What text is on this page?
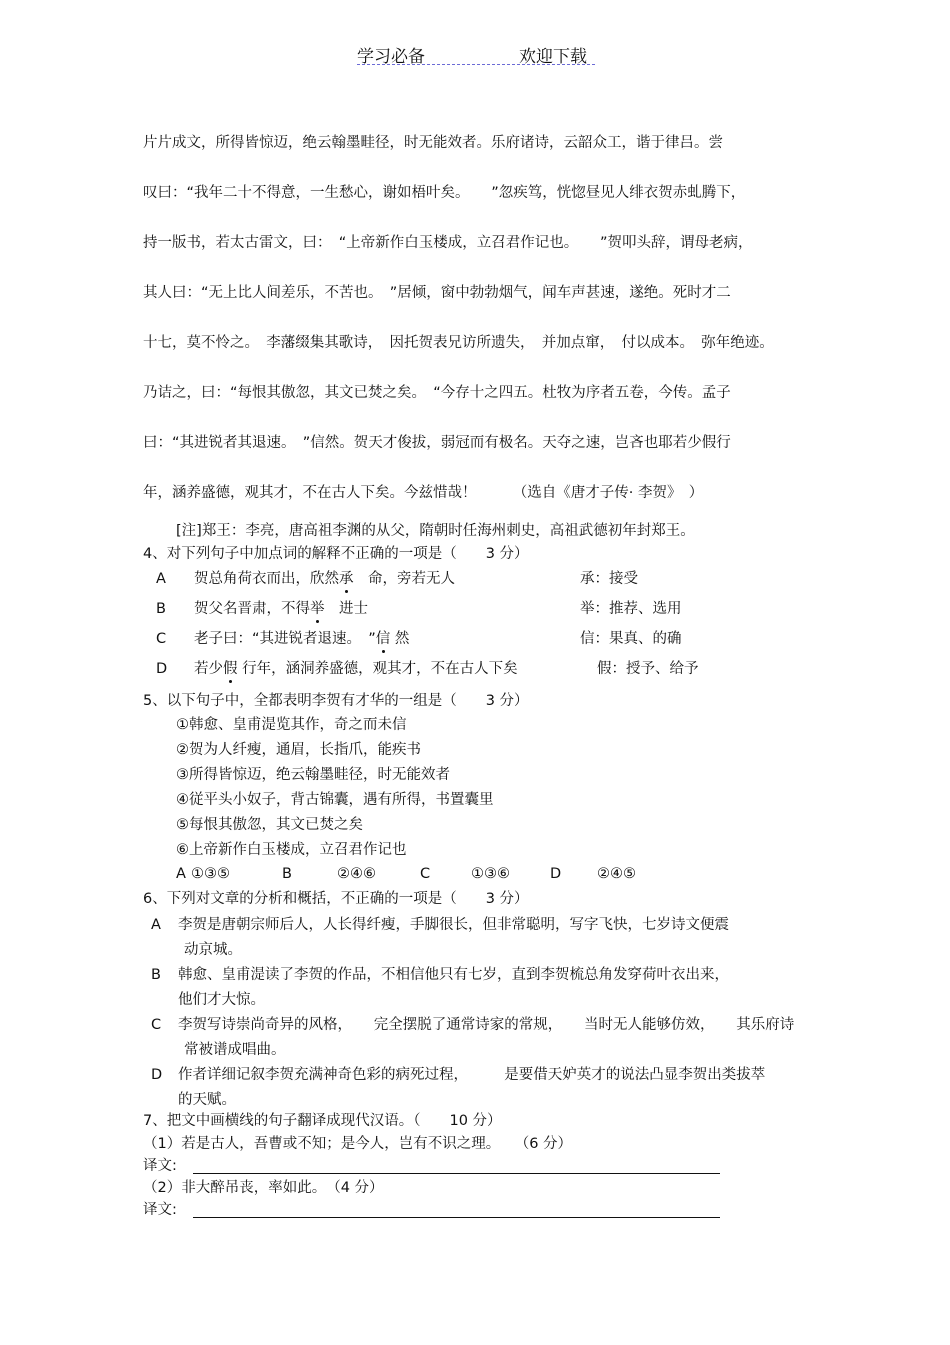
学习必备	欢迎下载
片片成文，所得皆惊迈，绝云翰墨畦径，时无能效者。乐府诸诗，云韶众工，谐于律吕。尝
叹曰：“我年二十不得意，一生愁心，谢如梧叶矣。　　”忽疾笃，恍惚昼见人绯衣贺赤虬腾下，
持一版书，若太古雷文，曰：　“上帝新作白玉楼成，立召君作记也。　　”贺叩头辞，谓母老病，
其人曰：“无上比人间差乐，不苦也。　”居倾，窗中勃勃烟气，闻车声甚速，遂绝。死时才二
十七，莫不怜之。　李藩缀集其歌诗，　因托贺表兄访所遗失，　并加点窜，　付以成本。　弥年绝迹。
乃诘之，曰：“每恨其傲忽，其文已焚之矣。　“今存十之四五。杜牧为序者五卷，今传。孟子
曰：“其进锐者其退速。　”信然。贺天才俊拔，弱冠而有极名。天夺之速，岂吝也耶若少假行
年，涵养盛德，观其才，不在古人下矣。今兹惜哉！　　　（选自《唐才子传· 李贺》　）
[注]郑王：李亮，唐高祖李渊的从父，隋朝时任海州刺史，高祖武德初年封郑王。
4、对下列句子中加点词的解释不正确的一项是（　　3 分）
A 贺总角荷衣而出，欣然承
　命，旁若无人	承：接受
B 贺父名晋肃，不得举
　进士	举：推荐、选用
C 老子曰：“其进锐者退速。　”信
然	信：果真、的确
D 若少假
行年，涵洞养盛德，观其才，不在古人下矣	假：授予、给予
5、以下句子中，全都表明李贺有才华的一组是（　　3 分）
①韩愈、皇甫湜览其作，奇之而未信
②贺为人纤瘦，通眉，长指爪，能疾书
③所得皆惊迈，绝云翰墨畦径，时无能效者
④従平头小奴子，背古锦囊，遇有所得，书置囊里
⑤每恨其傲忽，其文已焚之矣
⑥上帝新作白玉楼成，立召君作记也
A ①③⑤	B	②④⑥	C	①③⑥	D ②④⑤
6、下列对文章的分析和概括，不正确的一项是（　　3 分）
A 李贺是唐朝宗师后人，人长得纤瘦，手脚很长，但非常聪明，写字飞快，七岁诗文便震
动京城。
B 韩愈、皇甫湜读了李贺的作品，不相信他只有七岁，直到李贺梳总角发穿荷叶衣出来，
他们才大惊。
C 李贺写诗崇尚奇异的风格，　　完全摆脱了通常诗家的常规，　　当时无人能够仿效，　　其乐府诗
常被谱成唱曲。
D 作者详细记叙李贺充满神奇色彩的病死过程，　　　是要借天妒英才的说法凸显李贺出类拔萃
的天赋。
7、把文中画横线的句子翻译成现代汉语。（　　10 分）
（1）若是古人，吾曹或不知；是今人，岂有不识之理。　　（6 分）
译文:
（2）非大醉吊丧，率如此。　（4 分）
译文:
